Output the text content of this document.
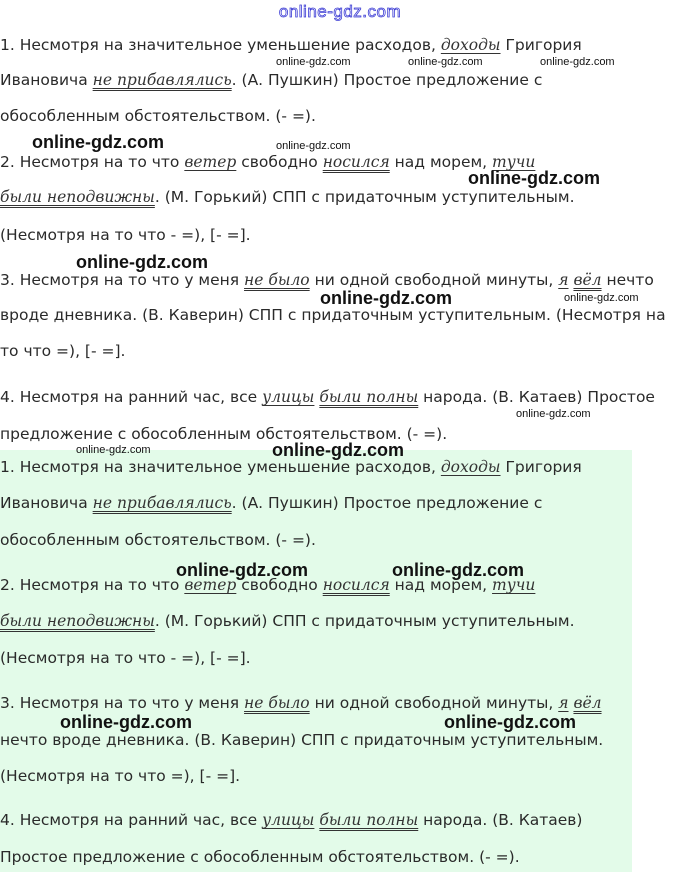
online-gdz.com
1. Несмотря на значительное уменьшение расходов, доходы Григория
Ивановича не прибавлялись. (А. Пушкин) Простое предложение с
обособленным обстоятельством. (- =).
2. Несмотря на то что ветер свободно носился над морем, тучи
были неподвижны. (М. Горький) СПП с придаточным уступительным.
(Несмотря на то что - =), [- =].
3. Несмотря на то что у меня не было ни одной свободной минуты, я вёл нечто
вроде дневника. (В. Каверин) СПП с придаточным уступительным. (Несмотря на
то что =), [- =].
4. Несмотря на ранний час, все улицы были полны народа. (В. Катаев) Простое
предложение с обособленным обстоятельством. (- =).
1. Несмотря на значительное уменьшение расходов, доходы Григория
Ивановича не прибавлялись. (А. Пушкин) Простое предложение с
обособленным обстоятельством. (- =).
2. Несмотря на то что ветер свободно носился над морем, тучи
были неподвижны. (М. Горький) СПП с придаточным уступительным.
(Несмотря на то что - =), [- =].
3. Несмотря на то что у меня не было ни одной свободной минуты, я вёл
нечто вроде дневника. (В. Каверин) СПП с придаточным уступительным.
(Несмотря на то что =), [- =].
4. Несмотря на ранний час, все улицы были полны народа. (В. Катаев)
Простое предложение с обособленным обстоятельством. (- =).
online-gdz.com	online-gdz.com	online-gdz.com
online-gdz.com	online-gdz.com
online-gdz.com
online-gdz.com
online-gdz.com	online-gdz.com
online-gdz.com
online-gdz.com	online-gdz.com
online-gdz.com	online-gdz.com
online-gdz.com	online-gdz.com
